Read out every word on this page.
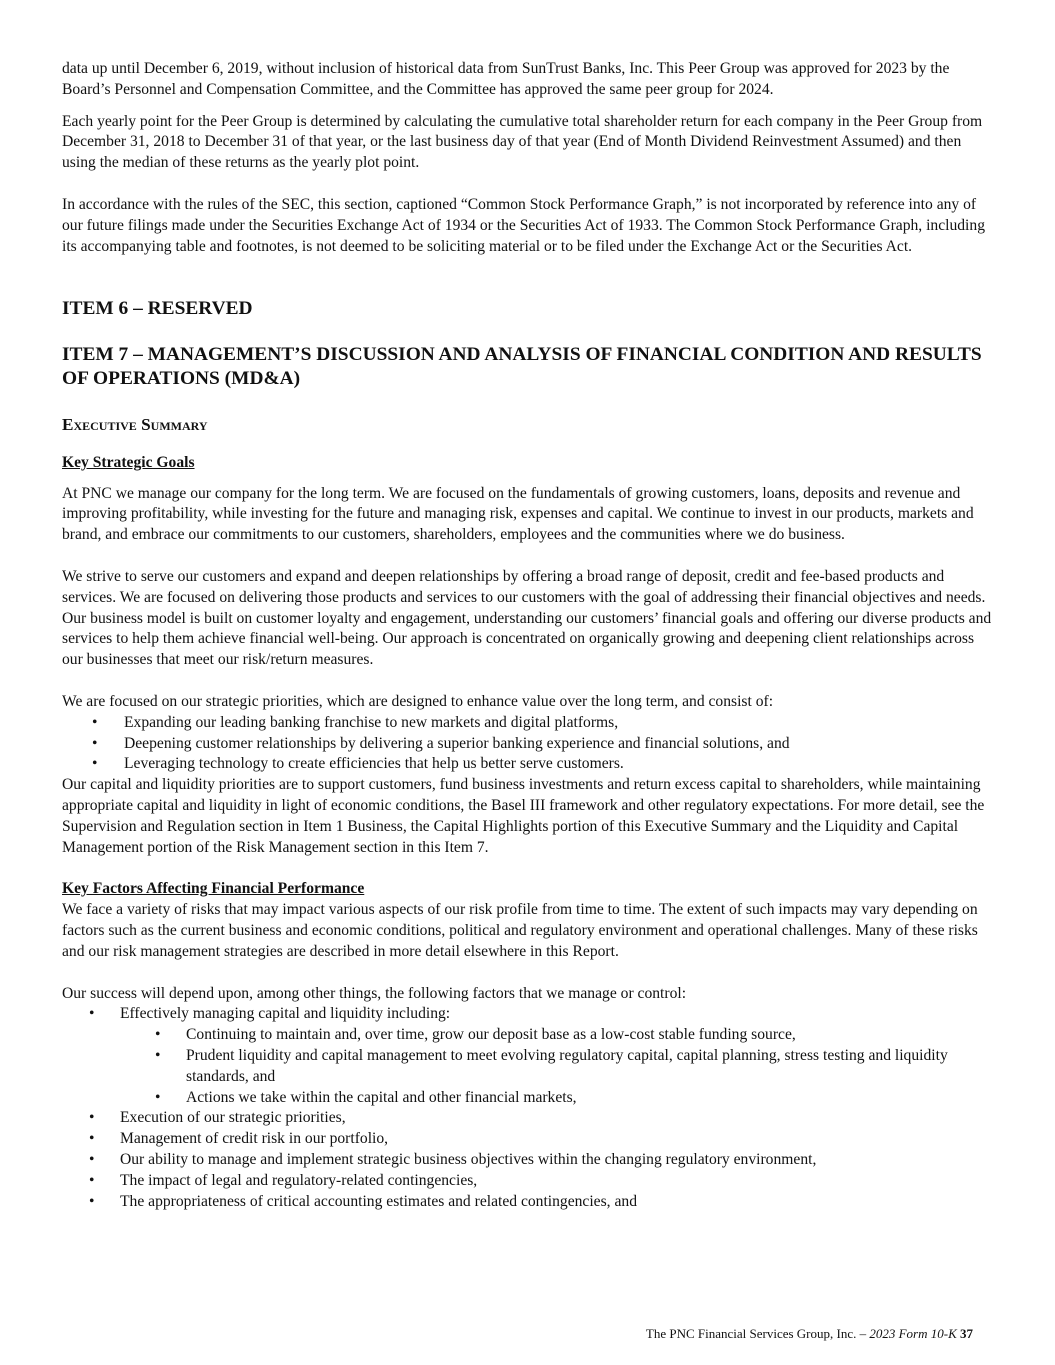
data up until December 6, 2019, without inclusion of historical data from SunTrust Banks, Inc. This Peer Group was approved for 2023 by the Board’s Personnel and Compensation Committee, and the Committee has approved the same peer group for 2024.

Each yearly point for the Peer Group is determined by calculating the cumulative total shareholder return for each company in the Peer Group from December 31, 2018 to December 31 of that year, or the last business day of that year (End of Month Dividend Reinvestment Assumed) and then using the median of these returns as the yearly plot point.

In accordance with the rules of the SEC, this section, captioned “Common Stock Performance Graph,” is not incorporated by reference into any of our future filings made under the Securities Exchange Act of 1934 or the Securities Act of 1933. The Common Stock Performance Graph, including its accompanying table and footnotes, is not deemed to be soliciting material or to be filed under the Exchange Act or the Securities Act.

ITEM 6 – RESERVED
ITEM 7 – MANAGEMENT’S DISCUSSION AND ANALYSIS OF FINANCIAL CONDITION AND RESULTS OF OPERATIONS (MD&A)
Executive Summary
Key Strategic Goals

At PNC we manage our company for the long term. We are focused on the fundamentals of growing customers, loans, deposits and revenue and improving profitability, while investing for the future and managing risk, expenses and capital. We continue to invest in our products, markets and brand, and embrace our commitments to our customers, shareholders, employees and the communities where we do business.

We strive to serve our customers and expand and deepen relationships by offering a broad range of deposit, credit and fee-based products and services. We are focused on delivering those products and services to our customers with the goal of addressing their financial objectives and needs. Our business model is built on customer loyalty and engagement, understanding our customers’ financial goals and offering our diverse products and services to help them achieve financial well-being. Our approach is concentrated on organically growing and deepening client relationships across our businesses that meet our risk/return measures.

We are focused on our strategic priorities, which are designed to enhance value over the long term, and consist of:

• Expanding our leading banking franchise to new markets and digital platforms,
• Deepening customer relationships by delivering a superior banking experience and financial solutions, and
• Leveraging technology to create efficiencies that help us better serve customers.

Our capital and liquidity priorities are to support customers, fund business investments and return excess capital to shareholders, while maintaining appropriate capital and liquidity in light of economic conditions, the Basel III framework and other regulatory expectations. For more detail, see the Supervision and Regulation section in Item 1 Business, the Capital Highlights portion of this Executive Summary and the Liquidity and Capital Management portion of the Risk Management section in this Item 7.

Key Factors Affecting Financial Performance

We face a variety of risks that may impact various aspects of our risk profile from time to time. The extent of such impacts may vary depending on factors such as the current business and economic conditions, political and regulatory environment and operational challenges. Many of these risks and our risk management strategies are described in more detail elsewhere in this Report.

Our success will depend upon, among other things, the following factors that we manage or control:

• Effectively managing capital and liquidity including:
• Continuing to maintain and, over time, grow our deposit base as a low-cost stable funding source,
• Prudent liquidity and capital management to meet evolving regulatory capital, capital planning, stress testing and liquidity standards, and
• Actions we take within the capital and other financial markets,
• Execution of our strategic priorities,
• Management of credit risk in our portfolio,
• Our ability to manage and implement strategic business objectives within the changing regulatory environment,
• The impact of legal and regulatory-related contingencies,
• The appropriateness of critical accounting estimates and related contingencies, and
The PNC Financial Services Group, Inc. – 2023 Form 10-K 37
